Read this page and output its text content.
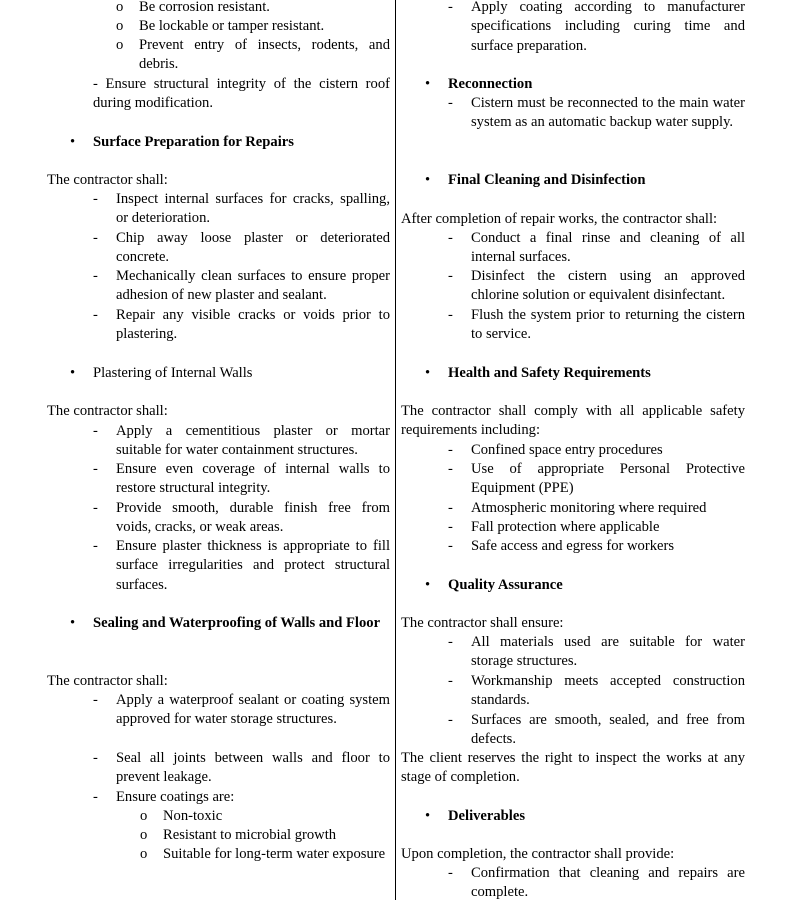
o Be corrosion resistant.
o Be lockable or tamper resistant.
o Prevent entry of insects, rodents, and debris.
- Ensure structural integrity of the cistern roof during modification.
• Surface Preparation for Repairs
The contractor shall:
- Inspect internal surfaces for cracks, spalling, or deterioration.
- Chip away loose plaster or deteriorated concrete.
- Mechanically clean surfaces to ensure proper adhesion of new plaster and sealant.
- Repair any visible cracks or voids prior to plastering.
• Plastering of Internal Walls
The contractor shall:
- Apply a cementitious plaster or mortar suitable for water containment structures.
- Ensure even coverage of internal walls to restore structural integrity.
- Provide smooth, durable finish free from voids, cracks, or weak areas.
- Ensure plaster thickness is appropriate to fill surface irregularities and protect structural surfaces.
• Sealing and Waterproofing of Walls and Floor
The contractor shall:
- Apply a waterproof sealant or coating system approved for water storage structures.
- Seal all joints between walls and floor to prevent leakage.
- Ensure coatings are:
o Non-toxic
o Resistant to microbial growth
o Suitable for long-term water exposure
- Apply coating according to manufacturer specifications including curing time and surface preparation.
• Reconnection
- Cistern must be reconnected to the main water system as an automatic backup water supply.
• Final Cleaning and Disinfection
After completion of repair works, the contractor shall:
- Conduct a final rinse and cleaning of all internal surfaces.
- Disinfect the cistern using an approved chlorine solution or equivalent disinfectant.
- Flush the system prior to returning the cistern to service.
• Health and Safety Requirements
The contractor shall comply with all applicable safety requirements including:
- Confined space entry procedures
- Use of appropriate Personal Protective Equipment (PPE)
- Atmospheric monitoring where required
- Fall protection where applicable
- Safe access and egress for workers
• Quality Assurance
The contractor shall ensure:
- All materials used are suitable for water storage structures.
- Workmanship meets accepted construction standards.
- Surfaces are smooth, sealed, and free from defects.
The client reserves the right to inspect the works at any stage of completion.
• Deliverables
Upon completion, the contractor shall provide:
- Confirmation that cleaning and repairs are complete.
